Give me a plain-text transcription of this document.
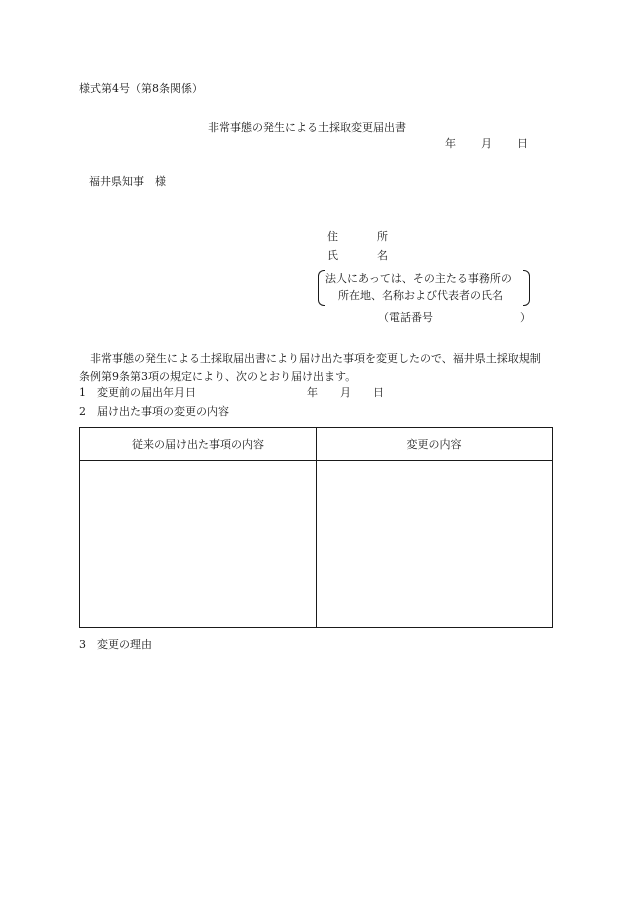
様式第4号（第8条関係）
非常事態の発生による土採取変更届出書
年 月 日
福井県知事　様
住	所
氏	名
法人にあっては、その主たる事務所の
所在地、名称および代表者の氏名
（電話番号	）
非常事態の発生による土採取届出書により届け出た事項を変更したので、福井県土採取規制条例第9条第3項の規定により、次のとおり届け出ます。
1 変更前の届出年月日	年　　月　　日
2 届け出た事項の変更の内容
従来の届け出た事項の内容	変更の内容
3 変更の理由
